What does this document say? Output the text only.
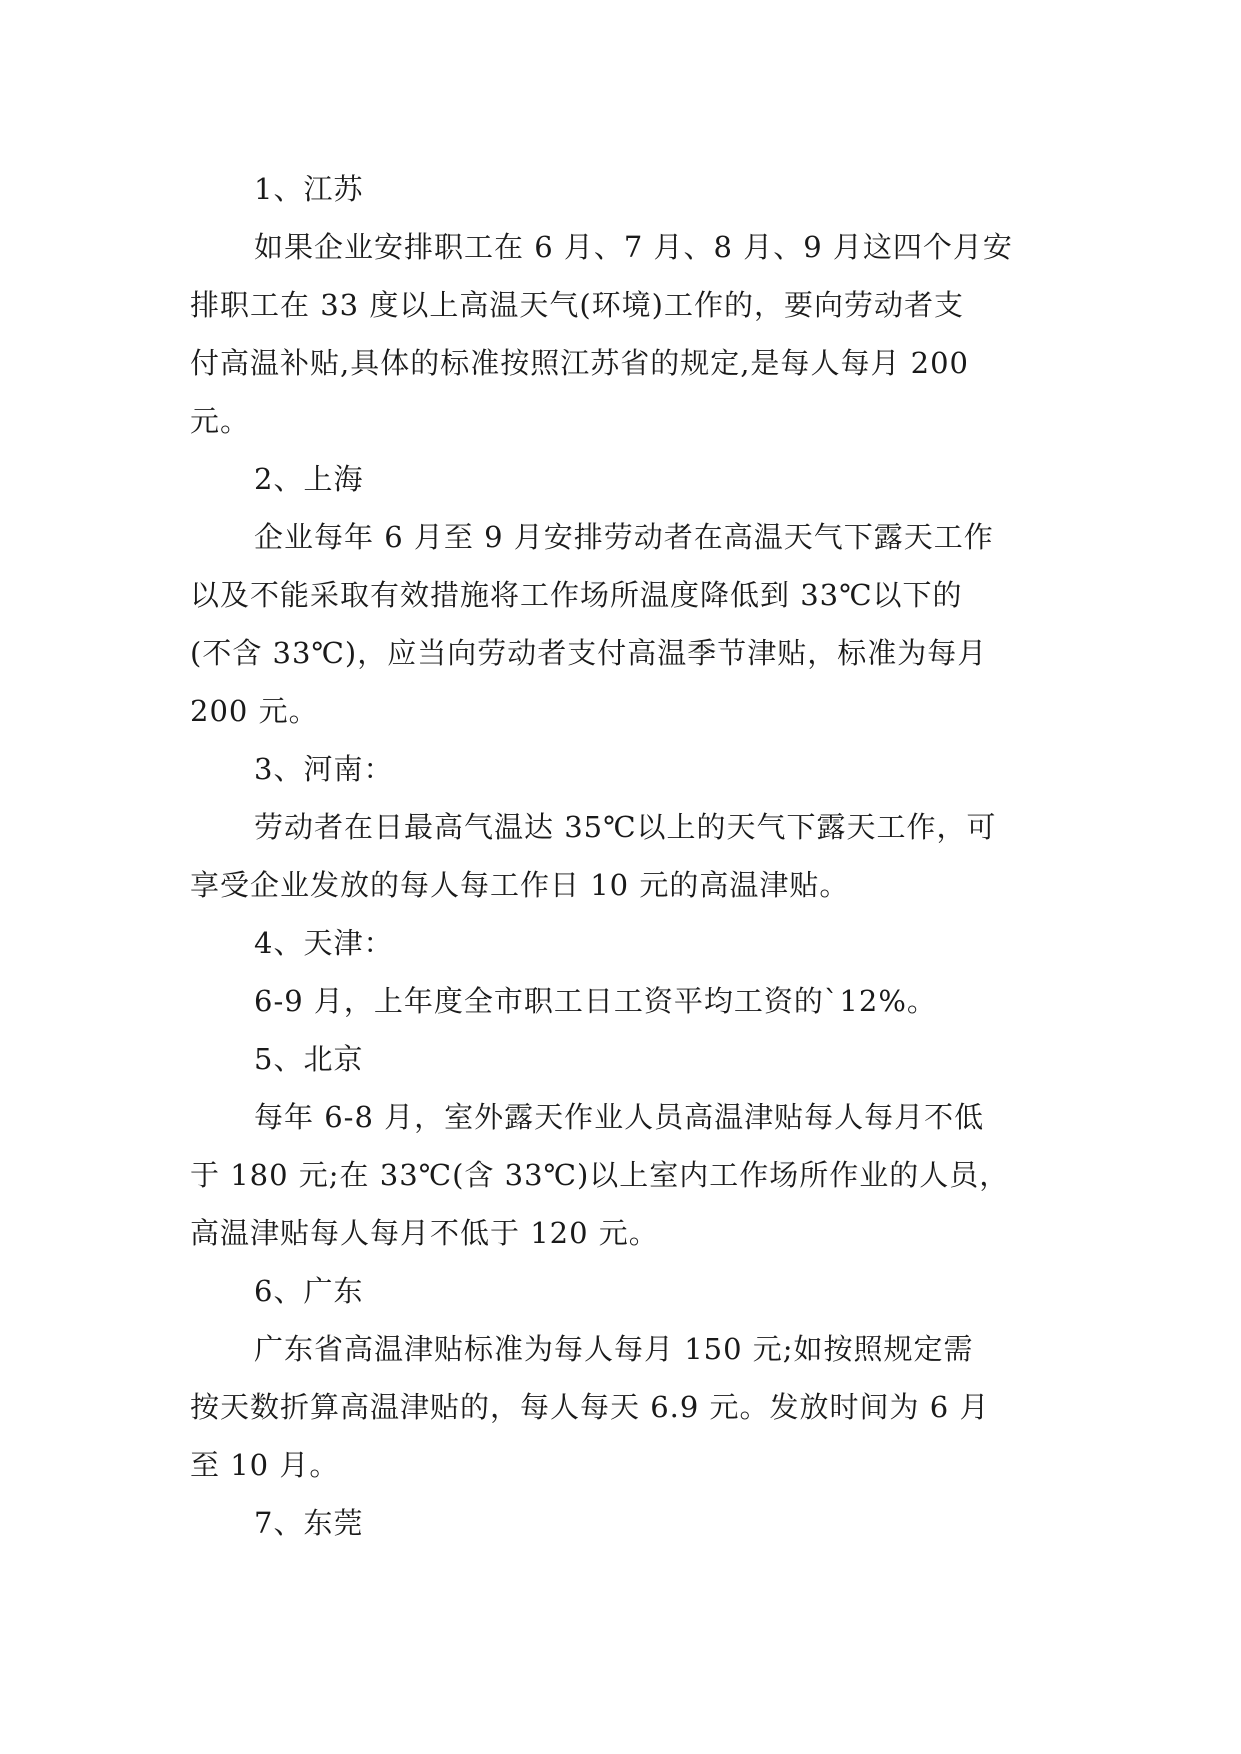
1、江苏
如果企业安排职工在 6 月、7 月、8 月、9 月这四个月安
排职工在 33 度以上高温天气(环境)工作的，要向劳动者支
付高温补贴,具体的标准按照江苏省的规定,是每人每月 200
元。
2、上海
企业每年 6 月至 9 月安排劳动者在高温天气下露天工作
以及不能采取有效措施将工作场所温度降低到 33℃以下的
(不含 33℃)，应当向劳动者支付高温季节津贴，标准为每月
200 元。
3、河南：
劳动者在日最高气温达 35℃以上的天气下露天工作，可
享受企业发放的每人每工作日 10 元的高温津贴。
4、天津：
6-9 月，上年度全市职工日工资平均工资的`12%。
5、北京
每年 6-8 月，室外露天作业人员高温津贴每人每月不低
于 180 元;在 33℃(含 33℃)以上室内工作场所作业的人员，
高温津贴每人每月不低于 120 元。
6、广东
广东省高温津贴标准为每人每月 150 元;如按照规定需
按天数折算高温津贴的，每人每天 6.9 元。发放时间为 6 月
至 10 月。
7、东莞
